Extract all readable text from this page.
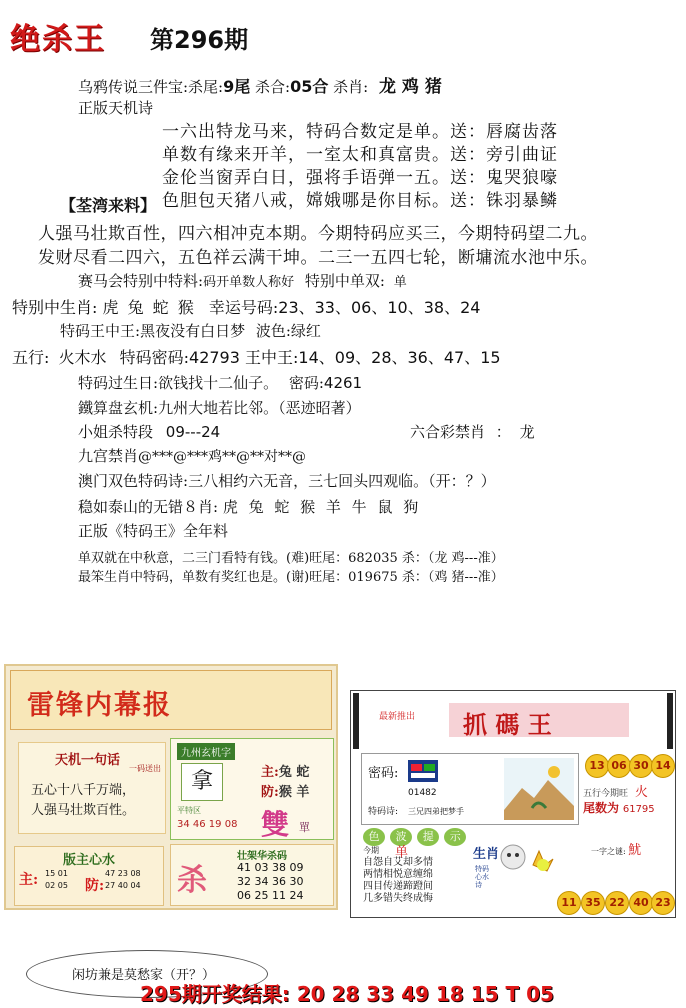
绝杀王 第296期
乌鸦传说三件宝:杀尾:9尾 杀合:05合 杀肖: 龙 鸡 猪
正版天机诗
一六出特龙马来，特码合数定是单。送：唇腐齿落
单数有缘来开羊，一室太和真富贵。送：旁引曲证
金伦当窗弄白日，强将手语弹一五。送：鬼哭狼嚎
色胆包天猪八戒，嫦娥哪是你目标。送：铢羽暴鳞
【荃湾来料】
人强马壮欺百性，四六相冲克本期。今期特码应买三，今期特码望二九。
发财尽看二四六，五色祥云满干坤。二三一五四七轮，断墉流水池中乐。
赛马会特别中特料:码开单数人称好 特别中单双: 单
特别中生肖: 虎 兔 蛇 猴 幸运号码:23、33、06、10、38、24
特码王中王:黑夜没有白日梦 波色:绿红
五行: 火木水 特码密码:42793 王中王:14、09、28、36、47、15
特码过生日:欲钱找十二仙子。 密码:4261
鐵算盘玄机:九州大地若比邻。（恶迹昭著）
小姐杀特段 09---24	六合彩禁肖 ： 龙
九宫禁肖@***@***鸡**@**对**@
澳门双色特码诗:三八相约六无音，三七回头四观临。（开：？）
稳如泰山的无错８肖: 虎 兔 蛇 猴 羊 牛 鼠 狗
正版《特码王》全年料
单双就在中秋意，二三门看特有钱。(难)旺尾：682035 杀：（龙 鸡---准）
最笨生肖中特码，单数有奖红也是。(谢)旺尾：019675 杀：（鸡 猪---准）
雷锋内幕报
天机一句话
一码送出
五心十八千万端，
人强马壮欺百性。
九州玄机字
拿	主:兔 蛇
防:猴 羊
平特区
34 46 19 08 雙 單
版主心水
主:	防:
15 01	47 23 08
02 05	27 40 04 杀
壮架华杀码
41 03 38 09
32 34 36 30
06 25 11 24
最新推出 抓 碼 王
密码:
01482
特码诗: 三兄四弟把梦手
13 06 30 14
五行今期旺 火
尾数为 61795
色 波 提 示
今期 单	生肖
特码心水诗
自怨自艾却多情
两情相悦意缠绵
四目传递蹄蹬间
几多错失终成悔
一字之谜: 魷
11 35 22 40 23
闲坊兼是莫愁家（开？）
295期开奖结果: 20 28 33 49 18 15 T 05
